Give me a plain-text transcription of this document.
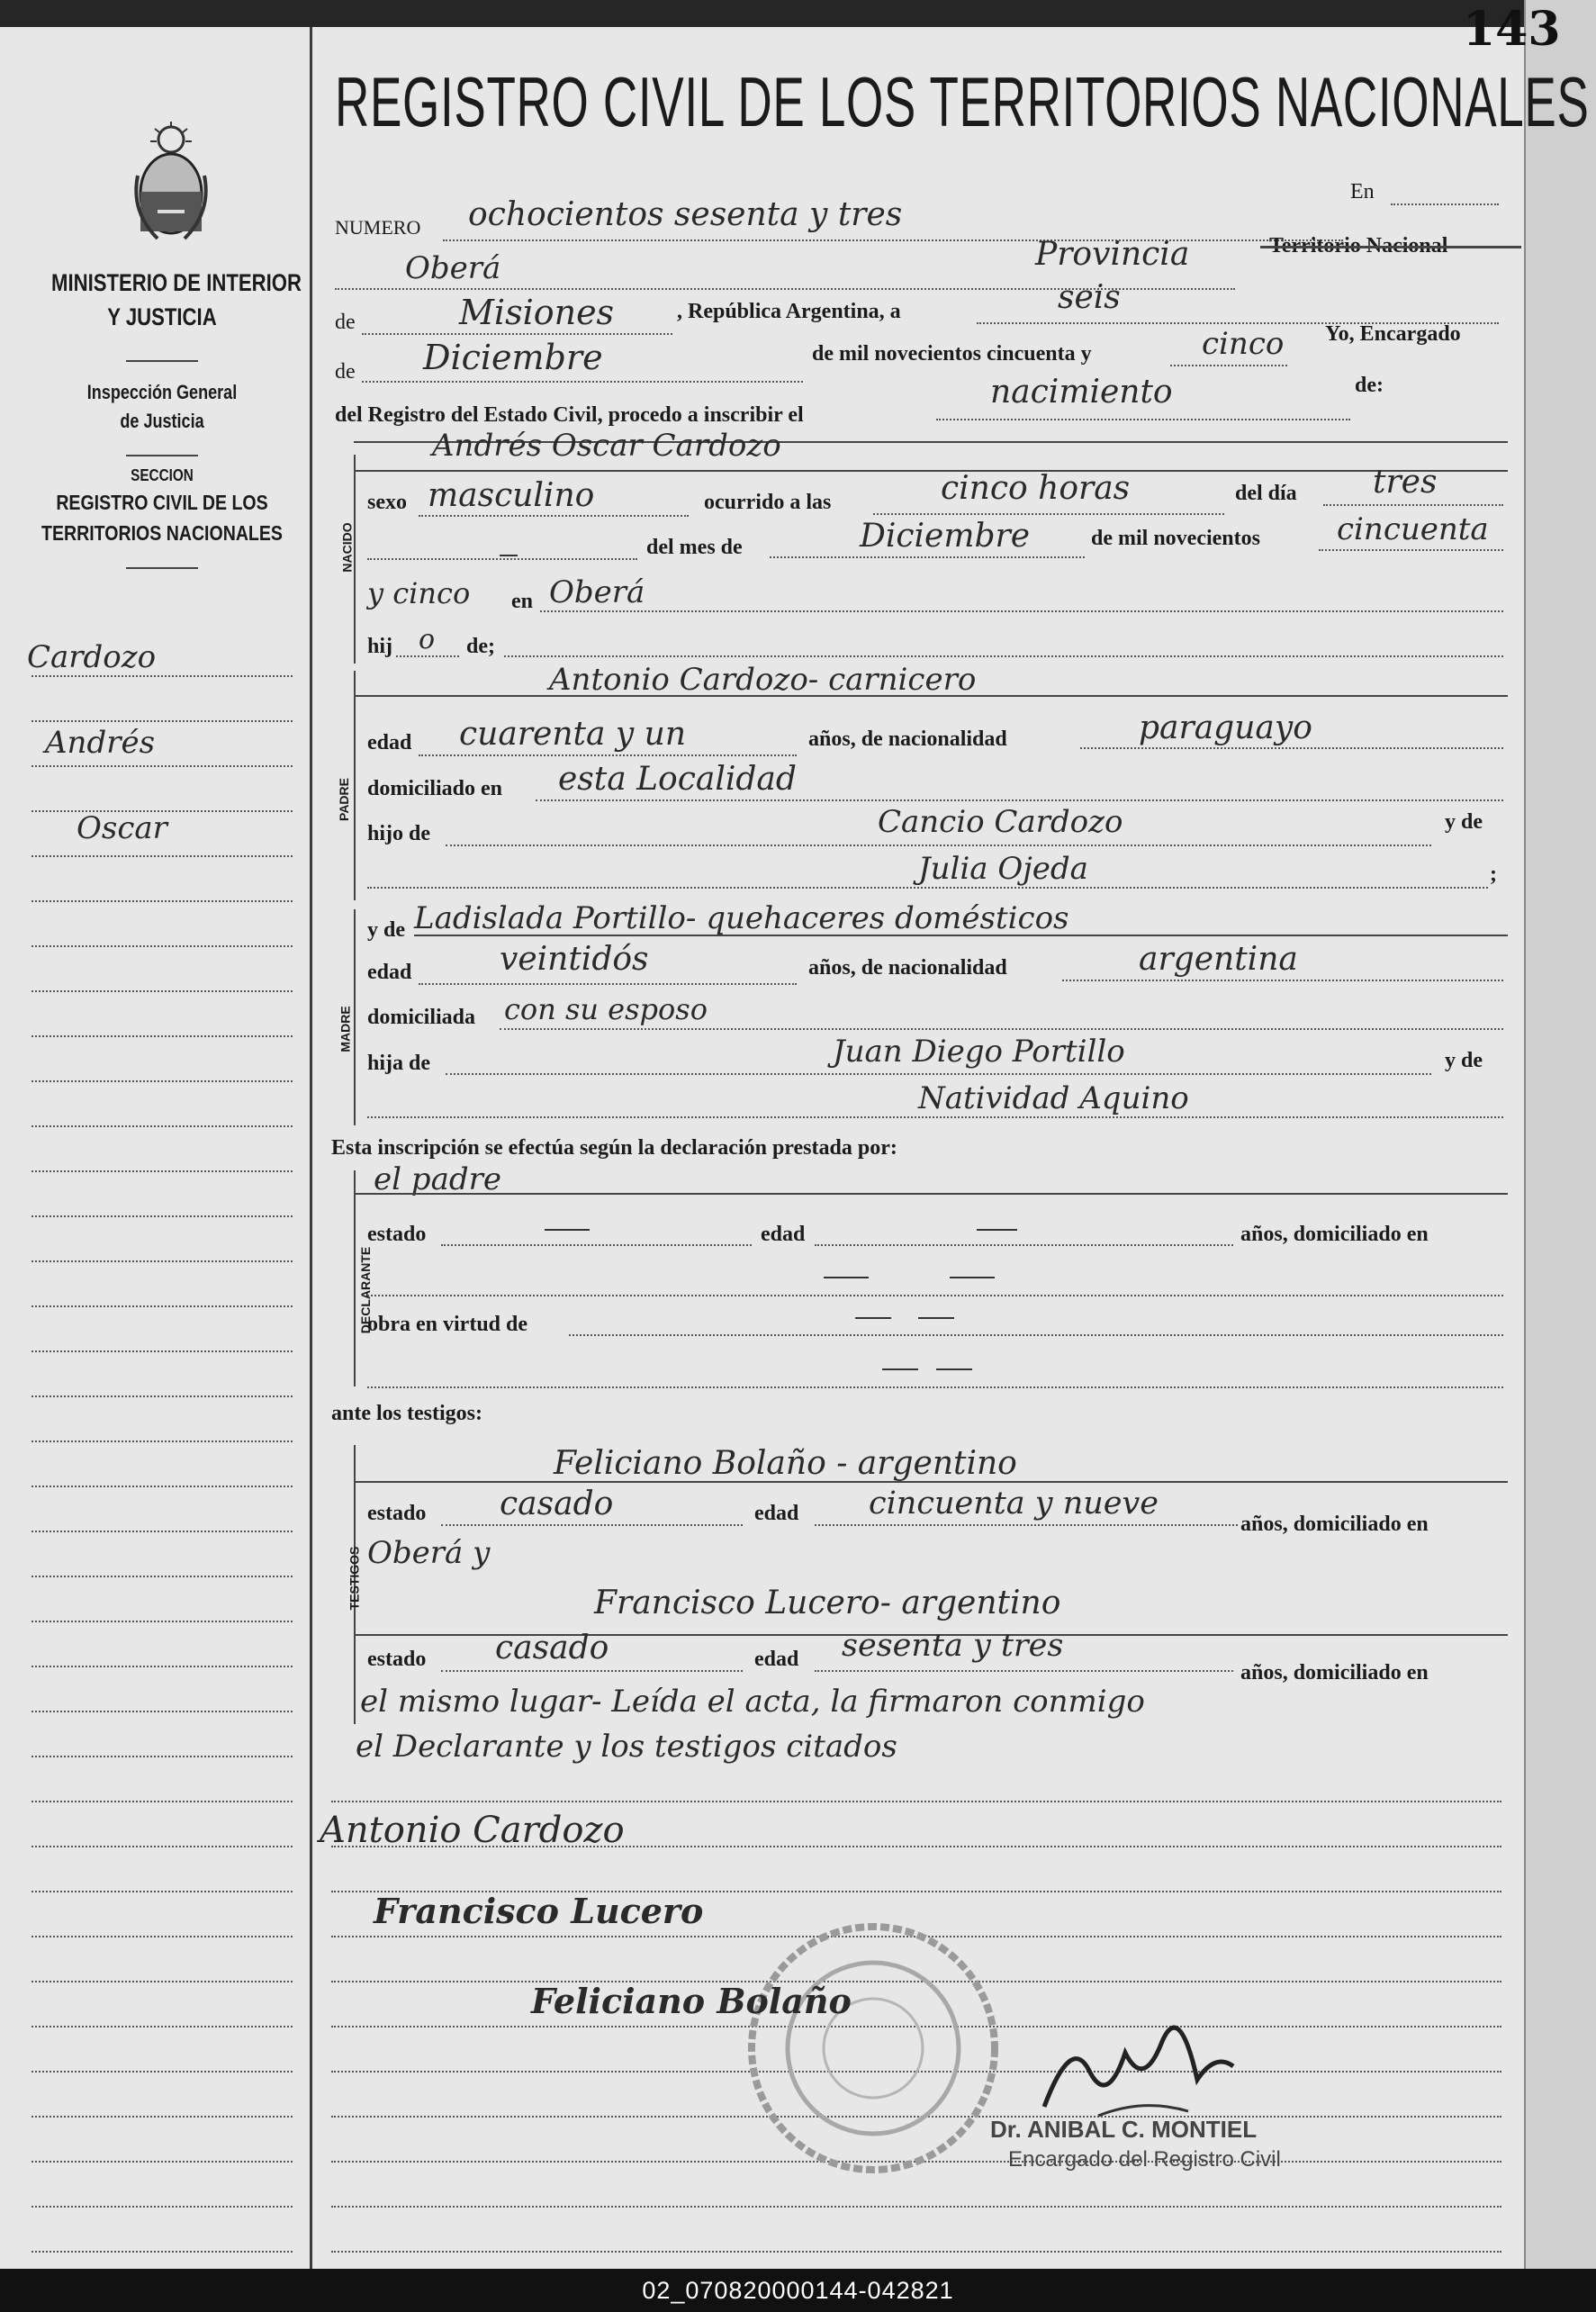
143
MINISTERIO DE INTERIOR
Y JUSTICIA
Inspección General
de Justicia
SECCION
REGISTRO CIVIL DE LOS
TERRITORIOS NACIONALES
Cardozo
Andrés
Oscar
REGISTRO CIVIL DE LOS TERRITORIOS NACIONALES
NUMERO ochocientos sesenta y tres
En
Oberá	Provincia	Territorio Nacional
de	Misiones	, República Argentina, a	seis
de Diciembre	de mil novecientos cincuenta y	cinco Yo, Encargado
del Registro del Estado Civil, procedo a inscribir el
nacimiento	de:
NACIDO
Andrés Oscar Cardozo
sexo masculino	ocurrido a las	cinco horas	del día tres
del mes de	Diciembre	de mil novecientos	cincuenta
y cinco en Oberá
hij o de;
PADRE
Antonio Cardozo- carnicero
edad cuarenta y un	años, de nacionalidad	paraguayo
domiciliado en esta Localidad
hijo de	Cancio Cardozo	y de
Julia Ojeda	;
MADRE
y de Ladislada Portillo- quehaceres domésticos
edad	veintidós	años, de nacionalidad	argentina
domiciliada con su esposo
hija de	Juan Diego Portillo	y de
Natividad Aquino
Esta inscripción se efectúa según la declaración prestada por:
DECLARANTE
el padre
estado	edad	años, domiciliado en
obra en virtud de
ante los testigos:
TESTIGOS
Feliciano Bolaño - argentino
estado casado	edad cincuenta y nueve
años, domiciliado en
Oberá y
Francisco Lucero- argentino
estado casado	edad sesenta y tres
años, domiciliado en
el mismo lugar- Leída el acta, la firmaron conmigo
el Declarante y los testigos citados
Antonio Cardozo
Francisco Lucero
Feliciano Bolaño
Dr. ANIBAL C. MONTIEL
Encargado del Registro Civil
02_070820000144-042821
